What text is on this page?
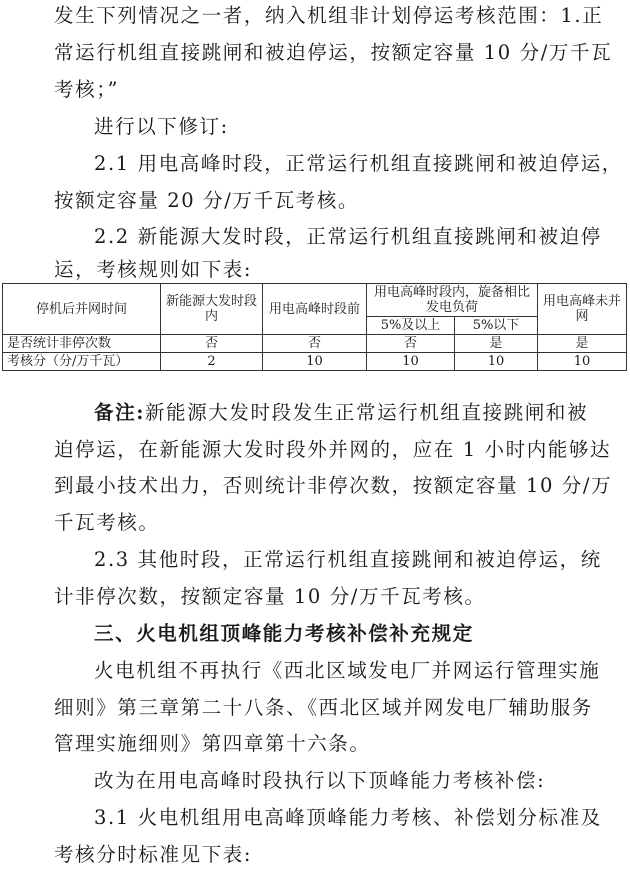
发生下列情况之一者，纳入机组非计划停运考核范围：1.正
常运行机组直接跳闸和被迫停运，按额定容量 10 分/万千瓦
考核；”
进行以下修订:
2.1 用电高峰时段，正常运行机组直接跳闸和被迫停运，
按额定容量 20 分/万千瓦考核。
2.2 新能源大发时段，正常运行机组直接跳闸和被迫停
运，考核规则如下表:
停机后并网时间	新能源大发时段内	用电高峰时段前	用电高峰时段内，旋备相比发电负荷		用电高峰未并网
			5%及以上	5%以下	
是否统计非停次数	否	否	否	是	是
考核分（分/万千瓦）	2	10	10	10	10
备注:新能源大发时段发生正常运行机组直接跳闸和被
迫停运，在新能源大发时段外并网的，应在 1 小时内能够达
到最小技术出力，否则统计非停次数，按额定容量 10 分/万
千瓦考核。
2.3 其他时段，正常运行机组直接跳闸和被迫停运，统
计非停次数，按额定容量 10 分/万千瓦考核。
三、火电机组顶峰能力考核补偿补充规定
火电机组不再执行《西北区域发电厂并网运行管理实施
细则》第三章第二十八条、《西北区域并网发电厂辅助服务
管理实施细则》第四章第十六条。
改为在用电高峰时段执行以下顶峰能力考核补偿:
3.1 火电机组用电高峰顶峰能力考核、补偿划分标准及
考核分时标准见下表:
